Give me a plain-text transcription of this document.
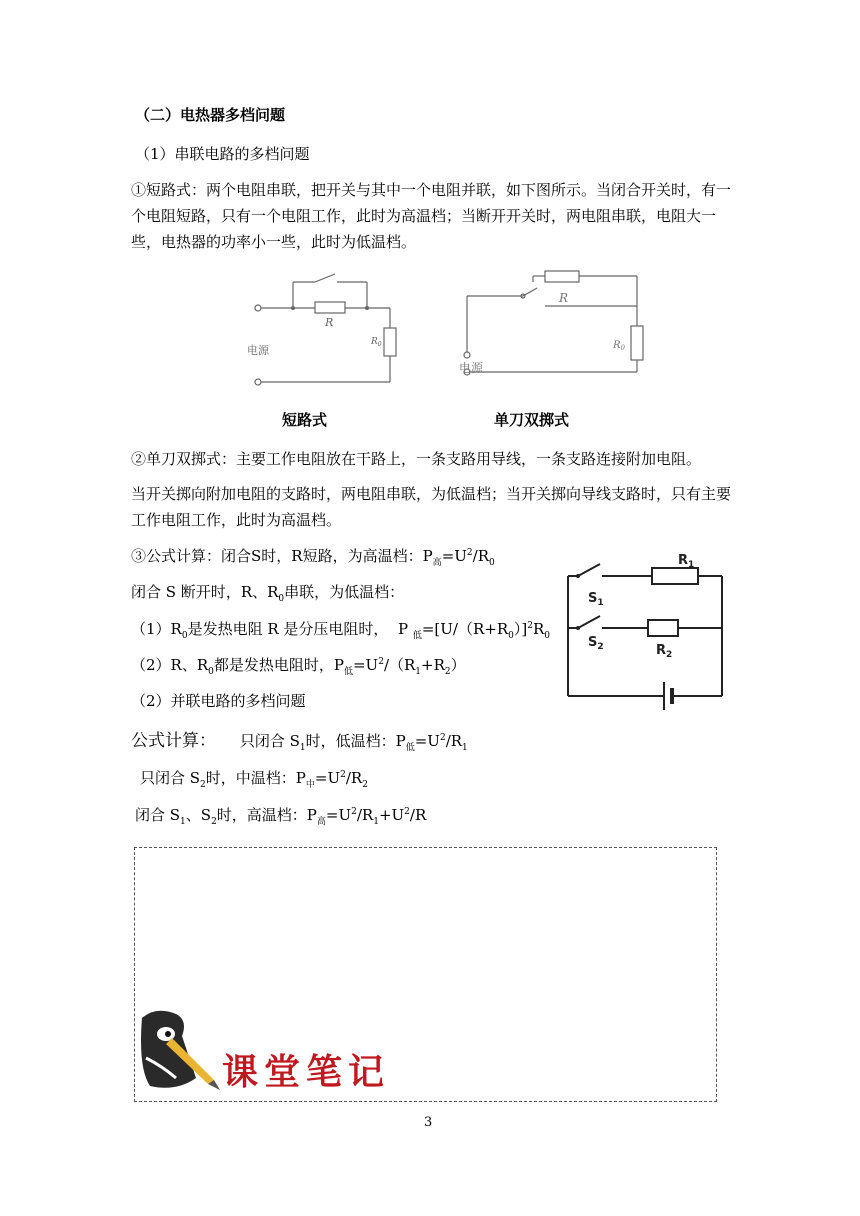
（二）电热器多档问题
（1）串联电路的多档问题
①短路式：两个电阻串联，把开关与其中一个电阻并联，如下图所示。当闭合开关时，有一个电阻短路，只有一个电阻工作，此时为高温档；当断开开关时，两电阻串联，电阻大一些，电热器的功率小一些，此时为低温档。
R
$R_0$
电源
短路式
R
$R_0$
电源
单刀双掷式
②单刀双掷式：主要工作电阻放在干路上，一条支路用导线，一条支路连接附加电阻。
当开关掷向附加电阻的支路时，两电阻串联，为低温档；当开关掷向导线支路时，只有主要工作电阻工作，此时为高温档。
③公式计算：闭合S时，R短路，为高温档：$P_高=U^2/R_0$
闭合 S 断开时，R、$R_0$串联，为低温档：
$(1)R_0$是发热电阻 R 是分压电阻时，  P $_低=[U/(R+R_0)]^2R_0$
（2）R、$R_0$都是发热电阻时，$P_低=U^2/(R_1+R_2)$
（2）并联电路的多档问题
公式计算： 只闭合 $S_1$时，低温档：$P_低=U^2/R_1$
只闭合 $S_2$时，中温档：$P_中=U^2/R_2$
闭合 $S_1$、$S_2$时，高温档：$P_高=U^2/R_1+U^2/R$
$S_1$
$S_2$
$R_1$
$R_2$
课堂笔记
3
